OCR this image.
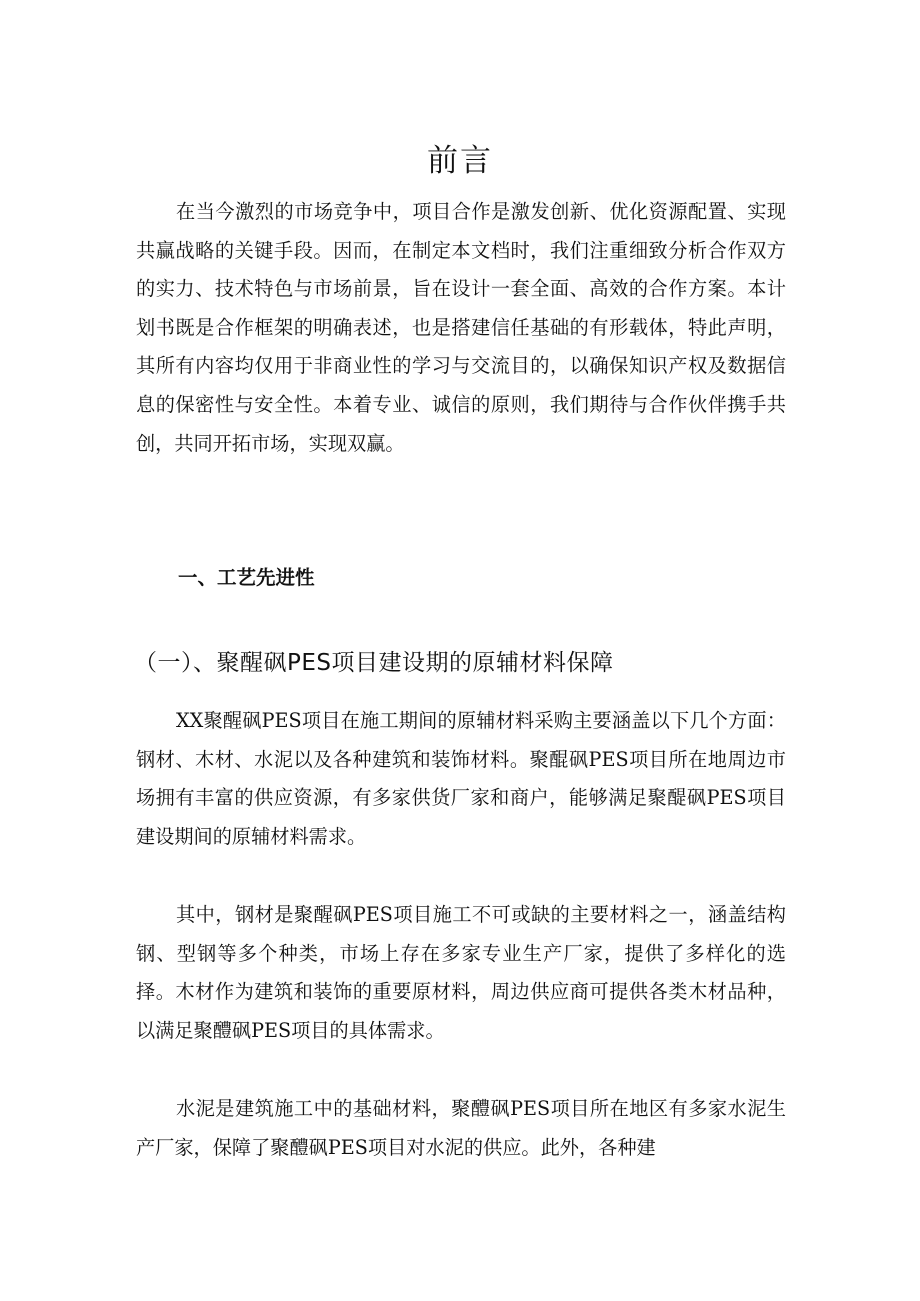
前言

在当今激烈的市场竞争中，项目合作是激发创新、优化资源配置、实现共赢战略的关键手段。因而，在制定本文档时，我们注重细致分析合作双方的实力、技术特色与市场前景，旨在设计一套全面、高效的合作方案。本计划书既是合作框架的明确表述，也是搭建信任基础的有形载体，特此声明，其所有内容均仅用于非商业性的学习与交流目的，以确保知识产权及数据信息的保密性与安全性。本着专业、诚信的原则，我们期待与合作伙伴携手共创，共同开拓市场，实现双赢。

一、工艺先进性
（一）、聚醒砜PES项目建设期的原辅材料保障

XX聚醒砜PES项目在施工期间的原辅材料采购主要涵盖以下几个方面：钢材、木材、水泥以及各种建筑和装饰材料。聚醌砜PES项目所在地周边市场拥有丰富的供应资源，有多家供货厂家和商户，能够满足聚醍砜PES项目建设期间的原辅材料需求。

其中，钢材是聚醒砜PES项目施工不可或缺的主要材料之一，涵盖结构钢、型钢等多个种类，市场上存在多家专业生产厂家，提供了多样化的选择。木材作为建筑和装饰的重要原材料，周边供应商可提供各类木材品种，以满足聚醴砜PES项目的具体需求。

水泥是建筑施工中的基础材料，聚醴砜PES项目所在地区有多家水泥生产厂家，保障了聚醴砜PES项目对水泥的供应。此外，各种建
